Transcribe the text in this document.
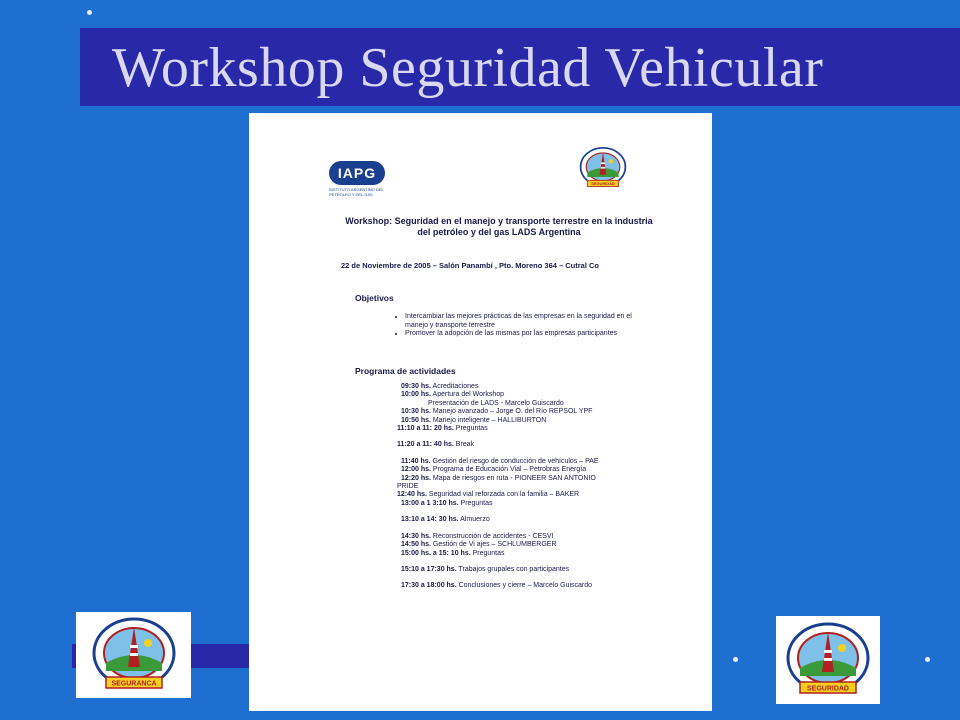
Workshop Seguridad Vehicular
IAPG
INSTITUTO ARGENTINO DEL PETROLEO Y DEL GAS
SEGURIDAD
Workshop: Seguridad en el manejo y transporte terrestre en la industria del petróleo y del gas LADS Argentina
22 de Noviembre de 2005 – Salón Panambí , Pto. Moreno 364 – Cutral Co
Objetivos
• Intercambiar las mejores prácticas de las empresas en la seguridad en el manejo y transporte terrestre
• Promover la adopción de las mismas por las empresas participantes
Programa de actividades
09:30 hs. Acreditaciones
10:00 hs. Apertura del Workshop
Presentación de LADS - Marcelo Guiscardo
10:30 hs. Manejo avanzado – Jorge O. del Río REPSOL YPF
10:50 hs. Manejo inteligente – HALLIBURTON
11:10 a 11: 20 hs. Preguntas
11:20 a 11: 40 hs. Break
11:40 hs. Gestión del riesgo de conducción de vehículos – PAE
12:00 hs. Programa de Educación Vial – Petrobras Energía
12:20 hs. Mapa de riesgos en ruta - PIONEER SAN ANTONIO
PRIDE
12:40 hs. Seguridad vial reforzada con la familia – BAKER
13:00 a 1 3:10 hs. Preguntas
13:10 a 14: 30 hs. Almuerzo
14:30 hs. Reconstrucción de accidentes - CESVI
14:50 hs. Gestión de Vi ajes – SCHLUMBERGER
15:00 hs. a 15: 10 hs. Preguntas
15:10 a 17:30 hs. Trabajos grupales con participantes
17:30 a 18:00 hs. Conclusiones y cierre – Marcelo Guiscardo
SEGURANCA
SEGURIDAD
